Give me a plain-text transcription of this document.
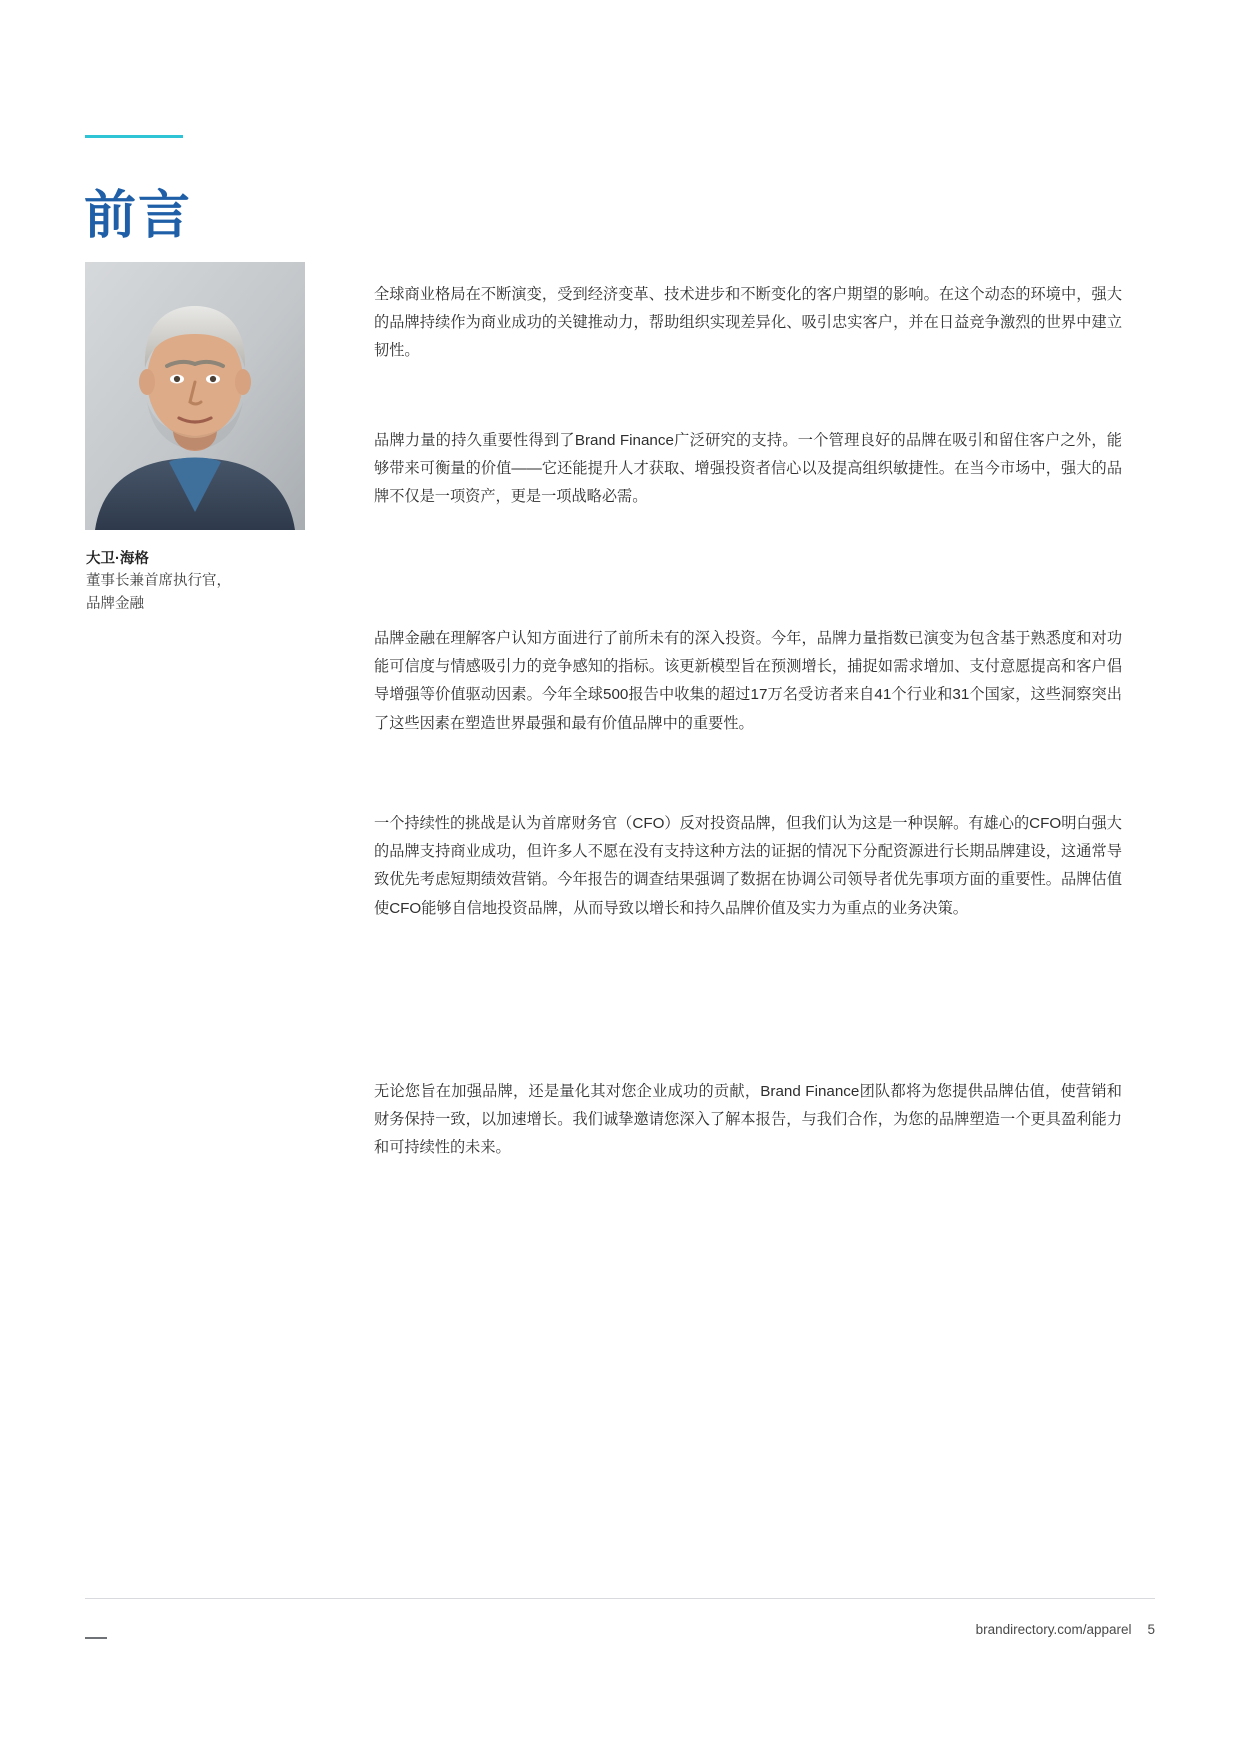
前言
大卫·海格
董事长兼首席执行官，
品牌金融

全球商业格局在不断演变，受到经济变革、技术进步和不断变化的客户期望的影响。在这个动态的环境中，强大的品牌持续作为商业成功的关键推动力，帮助组织实现差异化、吸引忠实客户，并在日益竞争激烈的世界中建立韧性。

品牌力量的持久重要性得到了Brand Finance广泛研究的支持。一个管理良好的品牌在吸引和留住客户之外，能够带来可衡量的价值——它还能提升人才获取、增强投资者信心以及提高组织敏捷性。在当今市场中，强大的品牌不仅是一项资产，更是一项战略必需。

品牌金融在理解客户认知方面进行了前所未有的深入投资。今年，品牌力量指数已演变为包含基于熟悉度和对功能可信度与情感吸引力的竞争感知的指标。该更新模型旨在预测增长，捕捉如需求增加、支付意愿提高和客户倡导增强等价值驱动因素。今年全球500报告中收集的超过17万名受访者来自41个行业和31个国家，这些洞察突出了这些因素在塑造世界最强和最有价值品牌中的重要性。

一个持续性的挑战是认为首席财务官（CFO）反对投资品牌，但我们认为这是一种误解。有雄心的CFO明白强大的品牌支持商业成功，但许多人不愿在没有支持这种方法的证据的情况下分配资源进行长期品牌建设，这通常导致优先考虑短期绩效营销。今年报告的调查结果强调了数据在协调公司领导者优先事项方面的重要性。品牌估值使CFO能够自信地投资品牌，从而导致以增长和持久品牌价值及实力为重点的业务决策。

无论您旨在加强品牌，还是量化其对您企业成功的贡献，Brand Finance团队都将为您提供品牌估值，使营销和财务保持一致，以加速增长。我们诚挚邀请您深入了解本报告，与我们合作，为您的品牌塑造一个更具盈利能力和可持续性的未来。

brandirectory.com/apparel 5
